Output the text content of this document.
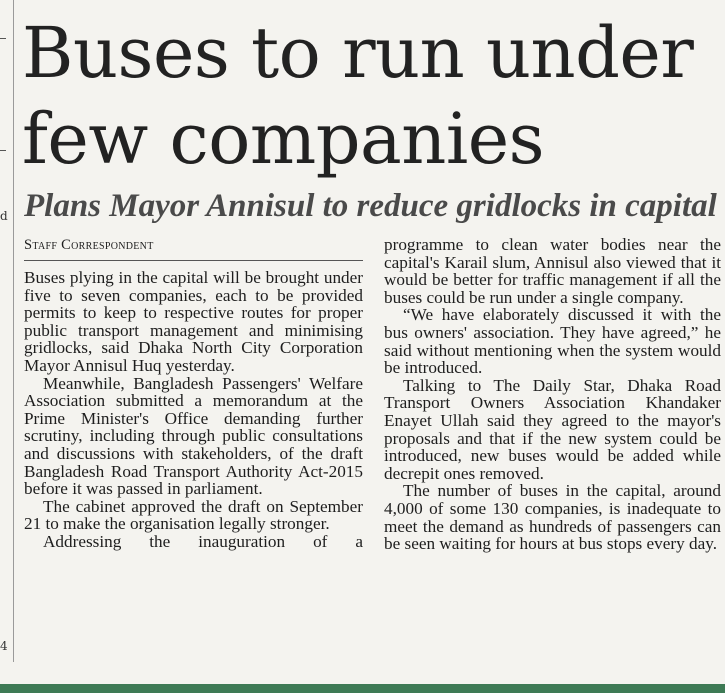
d
4
Buses to run under few companies
Plans Mayor Annisul to reduce gridlocks in capital
Staff Correspondent

Buses plying in the capital will be brought under five to seven companies, each to be provided permits to keep to respective routes for proper public transport management and minimising gridlocks, said Dhaka North City Corporation Mayor Annisul Huq yesterday.

Meanwhile, Bangladesh Passengers' Welfare Association submitted a memorandum at the Prime Minister's Office demanding further scrutiny, including through public consultations and discussions with stakeholders, of the draft Bangladesh Road Transport Authority Act-2015 before it was passed in parliament.

The cabinet approved the draft on September 21 to make the organisation legally stronger.

Addressing the inauguration of a

programme to clean water bodies near the capital's Karail slum, Annisul also viewed that it would be better for traffic management if all the buses could be run under a single company.

“We have elaborately discussed it with the bus owners' association. They have agreed,” he said without mentioning when the system would be introduced.

Talking to The Daily Star, Dhaka Road Transport Owners Association Khandaker Enayet Ullah said they agreed to the mayor's proposals and that if the new system could be introduced, new buses would be added while decrepit ones removed.

The number of buses in the capital, around 4,000 of some 130 companies, is inadequate to meet the demand as hundreds of passengers can be seen waiting for hours at bus stops every day.
